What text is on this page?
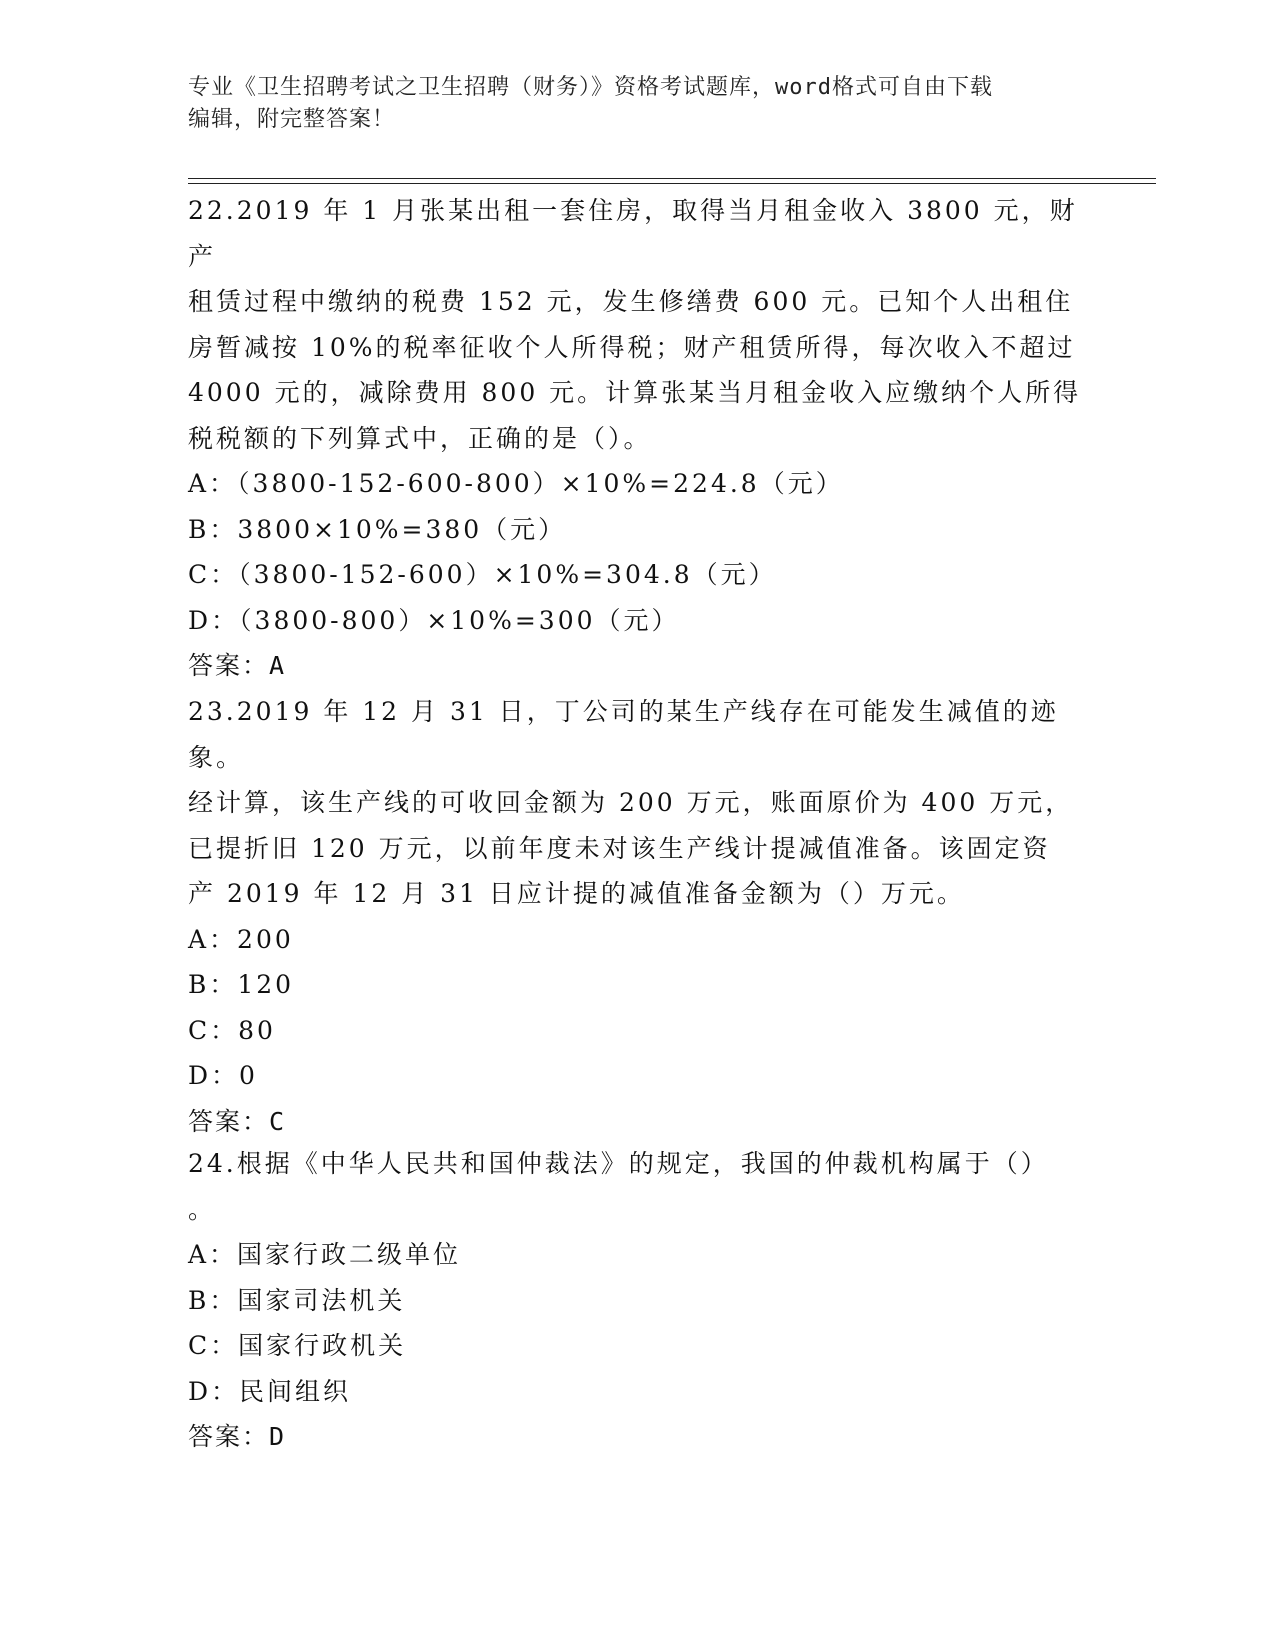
专业《卫生招聘考试之卫生招聘（财务）》资格考试题库，word格式可自由下载
编辑，附完整答案！
22.2019 年 1 月张某出租一套住房，取得当月租金收入 3800 元，财产
租赁过程中缴纳的税费 152 元，发生修缮费 600 元。已知个人出租住
房暂减按 10%的税率征收个人所得税；财产租赁所得，每次收入不超过
4000 元的，减除费用 800 元。计算张某当月租金收入应缴纳个人所得
税税额的下列算式中，正确的是（）。
A：（3800-152-600-800）×10%=224.8（元）
B：3800×10%=380（元）
C：（3800-152-600）×10%=304.8（元）
D：（3800-800）×10%=300（元）
答案：A
23.2019 年 12 月 31 日，丁公司的某生产线存在可能发生减值的迹象。
经计算，该生产线的可收回金额为 200 万元，账面原价为 400 万元，
已提折旧 120 万元，以前年度未对该生产线计提减值准备。该固定资
产 2019 年 12 月 31 日应计提的减值准备金额为（）万元。
A：200
B：120
C：80
D：0
答案：C
24.根据《中华人民共和国仲裁法》的规定，我国的仲裁机构属于（）
。
A：国家行政二级单位
B：国家司法机关
C：国家行政机关
D：民间组织
答案：D
